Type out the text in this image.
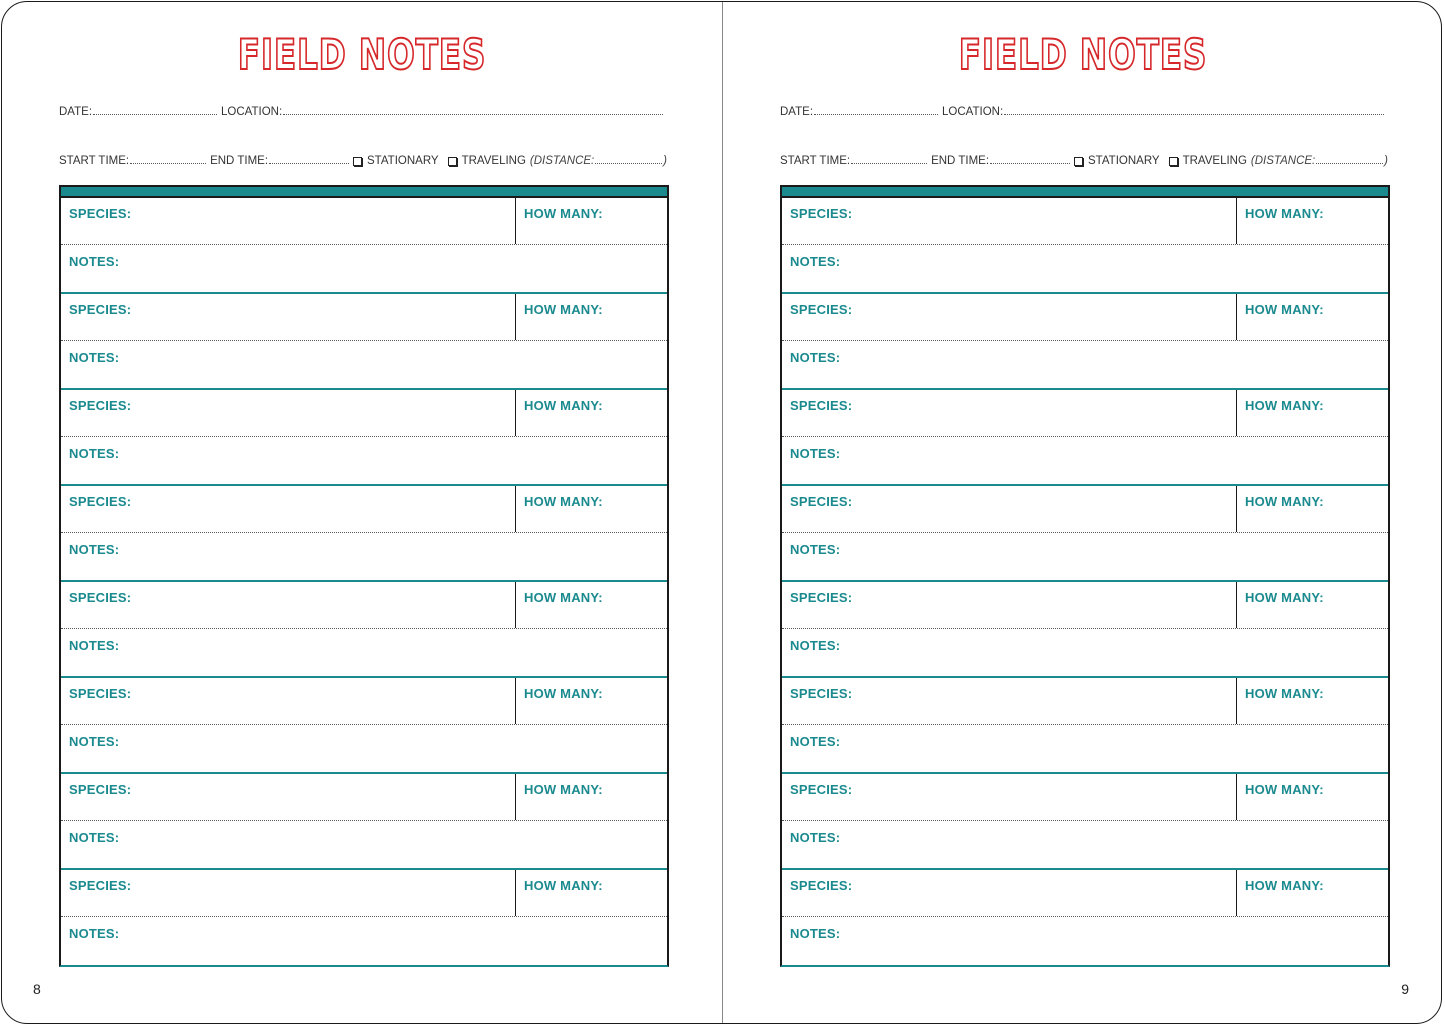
FIELD NOTES
DATE:	LOCATION:
START TIME:	END TIME:	STATIONARY TRAVELING (DISTANCE:	)
SPECIES:	HOW MANY:
NOTES:
SPECIES:	HOW MANY:
NOTES:
SPECIES:	HOW MANY:
NOTES:
SPECIES:	HOW MANY:
NOTES:
SPECIES:	HOW MANY:
NOTES:
SPECIES:	HOW MANY:
NOTES:
SPECIES:	HOW MANY:
NOTES:
SPECIES:	HOW MANY:
NOTES:
8
FIELD NOTES
DATE:	LOCATION:
START TIME:	END TIME:	STATIONARY TRAVELING (DISTANCE:	)
SPECIES:	HOW MANY:
NOTES:
SPECIES:	HOW MANY:
NOTES:
SPECIES:	HOW MANY:
NOTES:
SPECIES:	HOW MANY:
NOTES:
SPECIES:	HOW MANY:
NOTES:
SPECIES:	HOW MANY:
NOTES:
SPECIES:	HOW MANY:
NOTES:
SPECIES:	HOW MANY:
NOTES:
9
